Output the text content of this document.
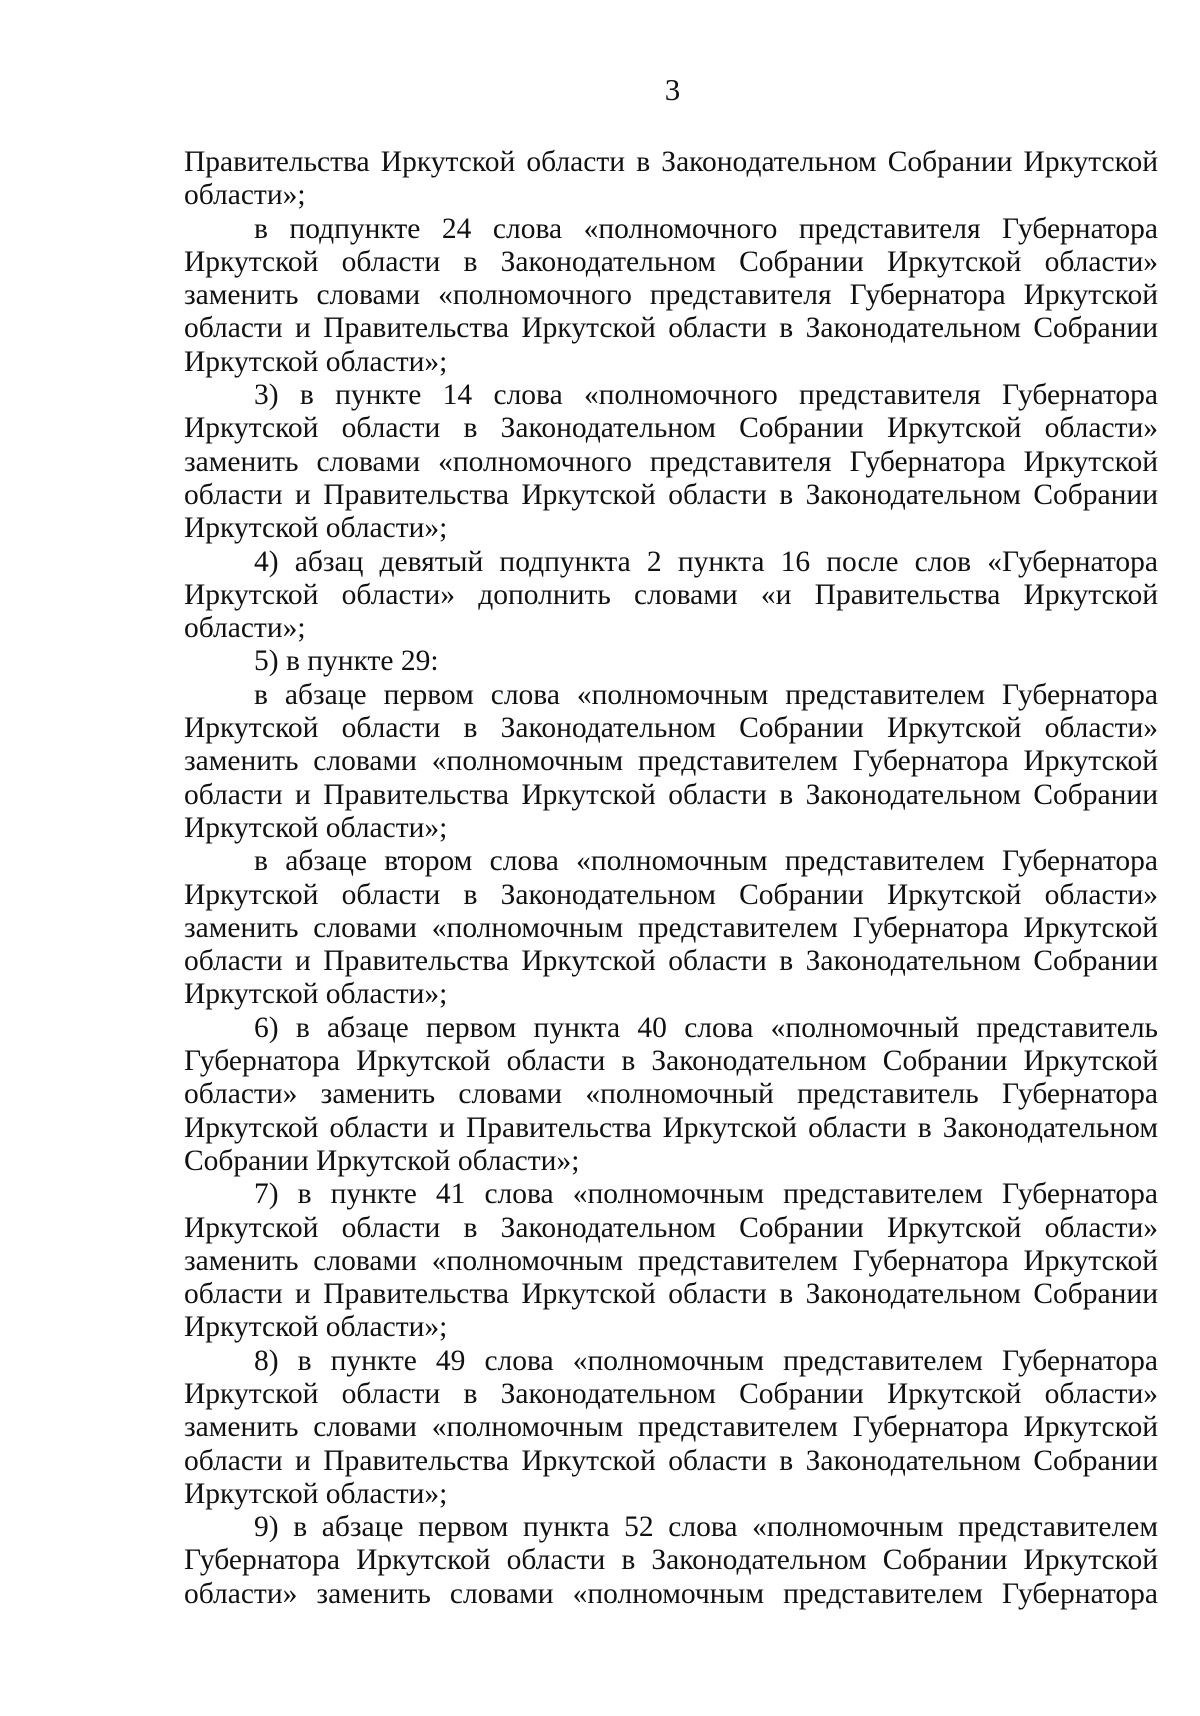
3

Правительства Иркутской области в Законодательном Собрании Иркутской области»;

в подпункте 24 слова «полномочного представителя Губернатора Иркутской области в Законодательном Собрании Иркутской области» заменить словами «полномочного представителя Губернатора Иркутской области и Правительства Иркутской области в Законодательном Собрании Иркутской области»;

3) в пункте 14 слова «полномочного представителя Губернатора Иркутской области в Законодательном Собрании Иркутской области» заменить словами «полномочного представителя Губернатора Иркутской области и Правительства Иркутской области в Законодательном Собрании Иркутской области»;

4) абзац девятый подпункта 2 пункта 16 после слов «Губернатора Иркутской области» дополнить словами «и Правительства Иркутской области»;

5) в пункте 29:

в абзаце первом слова «полномочным представителем Губернатора Иркутской области в Законодательном Собрании Иркутской области» заменить словами «полномочным представителем Губернатора Иркутской области и Правительства Иркутской области в Законодательном Собрании Иркутской области»;

в абзаце втором слова «полномочным представителем Губернатора Иркутской области в Законодательном Собрании Иркутской области» заменить словами «полномочным представителем Губернатора Иркутской области и Правительства Иркутской области в Законодательном Собрании Иркутской области»;

6) в абзаце первом пункта 40 слова «полномочный представитель Губернатора Иркутской области в Законодательном Собрании Иркутской области» заменить словами «полномочный представитель Губернатора Иркутской области и Правительства Иркутской области в Законодательном Собрании Иркутской области»;

7) в пункте 41 слова «полномочным представителем Губернатора Иркутской области в Законодательном Собрании Иркутской области» заменить словами «полномочным представителем Губернатора Иркутской области и Правительства Иркутской области в Законодательном Собрании Иркутской области»;

8) в пункте 49 слова «полномочным представителем Губернатора Иркутской области в Законодательном Собрании Иркутской области» заменить словами «полномочным представителем Губернатора Иркутской области и Правительства Иркутской области в Законодательном Собрании Иркутской области»;

9) в абзаце первом пункта 52 слова «полномочным представителем Губернатора Иркутской области в Законодательном Собрании Иркутской области» заменить словами «полномочным представителем Губернатора
